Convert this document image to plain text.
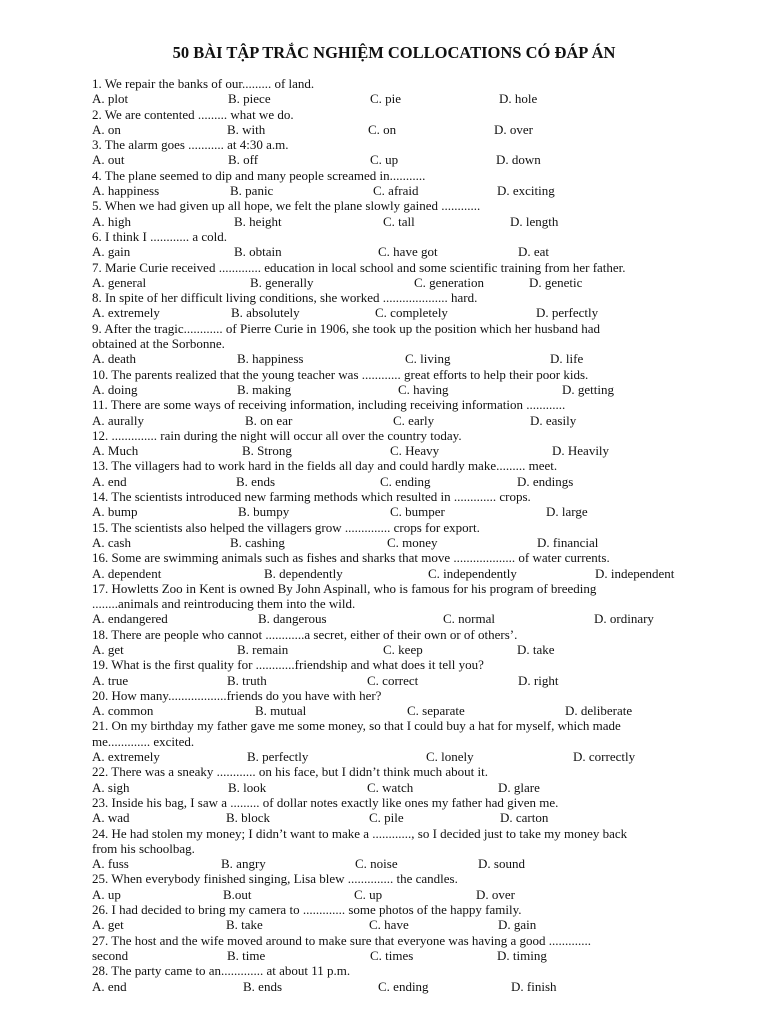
50 BÀI TẬP TRẮC NGHIỆM COLLOCATIONS CÓ ĐÁP ÁN
1. We repair the banks of our......... of land.
A. plot	B. piece	C. pie	D. hole
2. We are contented ......... what we do.
A. on	B. with	C. on	D. over
3. The alarm goes ........... at 4:30 a.m.
A. out	B. off	C. up	D. down
4. The plane seemed to dip and many people screamed in...........
A. happiness	B. panic	C. afraid	D. exciting
5. When we had given up all hope, we felt the plane slowly gained ............
A. high	B. height	C. tall	D. length
6. I think I ............ a cold.
A. gain	B. obtain	C. have got	D. eat
7. Marie Curie received ............. education in local school and some scientific training from her father.
A. general	B. generally	C. generation	D. genetic
8. In spite of her difficult living conditions, she worked .................... hard.
A. extremely	B. absolutely	C. completely	D. perfectly
9. After the tragic............ of Pierre Curie in 1906, she took up the position which her husband had
obtained at the Sorbonne.
A. death	B. happiness	C. living	D. life
10. The parents realized that the young teacher was ............ great efforts to help their poor kids.
A. doing	B. making	C. having	D. getting
11. There are some ways of receiving information, including receiving information ............
A. aurally	B. on ear	C. early	D. easily
12. .............. rain during the night will occur all over the country today.
A. Much	B. Strong	C. Heavy	D. Heavily
13. The villagers had to work hard in the fields all day and could hardly make......... meet.
A. end	B. ends	C. ending	D. endings
14. The scientists introduced new farming methods which resulted in ............. crops.
A. bump	B. bumpy	C. bumper	D. large
15. The scientists also helped the villagers grow .............. crops for export.
A. cash	B. cashing	C. money	D. financial
16. Some are swimming animals such as fishes and sharks that move ................... of water currents.
A. dependent	B. dependently	C. independently	D. independent
17. Howletts Zoo in Kent is owned By John Aspinall, who is famous for his program of breeding
........animals and reintroducing them into the wild.
A. endangered	B. dangerous	C. normal	D. ordinary
18. There are people who cannot ............a secret, either of their own or of others’.
A. get	B. remain	C. keep	D. take
19. What is the first quality for ............friendship and what does it tell you?
A. true	B. truth	C. correct	D. right
20. How many..................friends do you have with her?
A. common	B. mutual	C. separate	D. deliberate
21. On my birthday my father gave me some money, so that I could buy a hat for myself, which made
me............. excited.
A. extremely	B. perfectly	C. lonely	D. correctly
22. There was a sneaky ............ on his face, but I didn’t think much about it.
A. sigh	B. look	C. watch	D. glare
23. Inside his bag, I saw a ......... of dollar notes exactly like ones my father had given me.
A. wad	B. block	C. pile	D. carton
24. He had stolen my money; I didn’t want to make a ............, so I decided just to take my money back
from his schoolbag.
A. fuss	B. angry	C. noise	D. sound
25. When everybody finished singing, Lisa blew .............. the candles.
A. up	B.out	C. up	D. over
26. I had decided to bring my camera to ............. some photos of the happy family.
A. get	B. take	C. have	D. gain
27. The host and the wife moved around to make sure that everyone was having a good .............
second	B. time	C. times	D. timing
28. The party came to an............. at about 11 p.m.
A. end	B. ends	C. ending	D. finish
